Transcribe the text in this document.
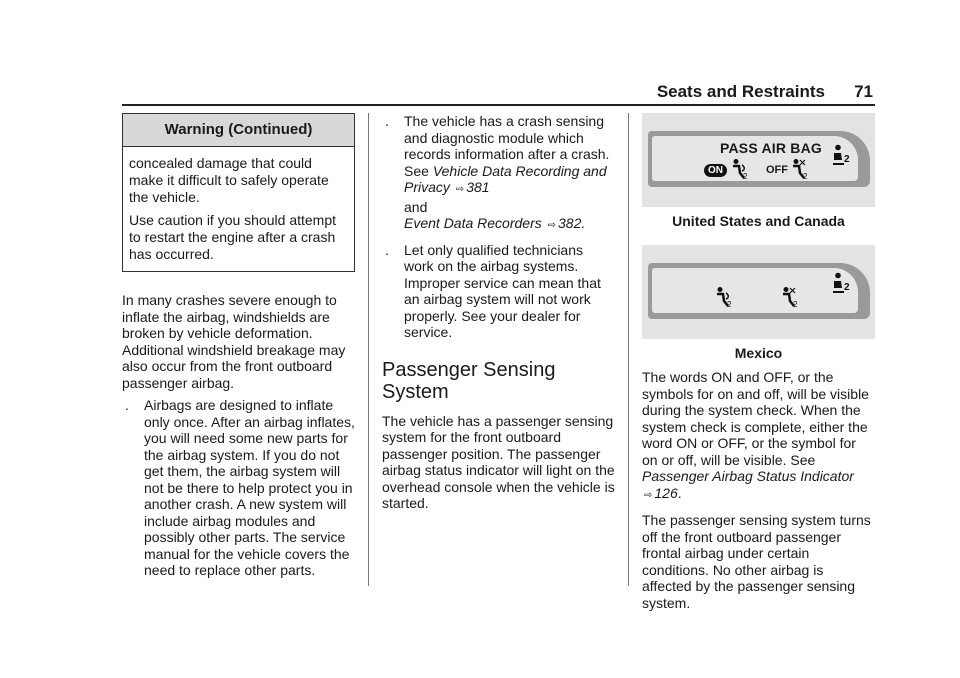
Seats and Restraints 71
Warning (Continued)

concealed damage that could make it difficult to safely operate the vehicle.

Use caution if you should attempt to restart the engine after a crash has occurred.

In many crashes severe enough to inflate the airbag, windshields are broken by vehicle deformation. Additional windshield breakage may also occur from the front outboard passenger airbag.

. Airbags are designed to inflate only once. After an airbag inflates, you will need some new parts for the airbag system. If you do not get them, the airbag system will not be there to help protect you in another crash. A new system will include airbag modules and possibly other parts. The service manual for the vehicle covers the need to replace other parts.
. The vehicle has a crash sensing and diagnostic module which records information after a crash. See Vehicle Data Recording and Privacy ⇨ 381
and
Event Data Recorders ⇨ 382.
. Let only qualified technicians work on the airbag systems. Improper service can mean that an airbag system will not work properly. See your dealer for service.
Passenger Sensing
System

The vehicle has a passenger sensing system for the front outboard passenger position. The passenger airbag status indicator will light on the overhead console when the vehicle is started.

PASS AIR BAG
ON
2
OFF
2
2
United States and Canada
2	2
2
Mexico

The words ON and OFF, or the symbols for on and off, will be visible during the system check. When the system check is complete, either the word ON or OFF, or the symbol for on or off, will be visible. See Passenger Airbag Status Indicator ⇨ 126.

The passenger sensing system turns off the front outboard passenger frontal airbag under certain conditions. No other airbag is affected by the passenger sensing system.
